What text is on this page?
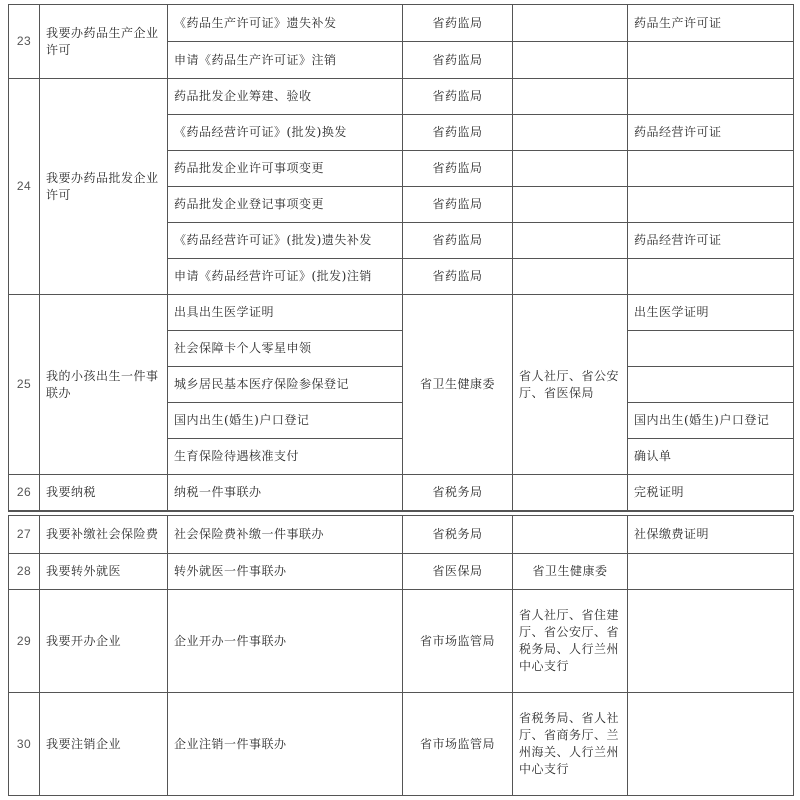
23	我要办药品生产企业许可	《药品生产许可证》遗失补发	省药监局		药品生产许可证
		申请《药品生产许可证》注销	省药监局		
24	我要办药品批发企业许可	药品批发企业筹建、验收	省药监局		
		《药品经营许可证》(批发)换发	省药监局		药品经营许可证
		药品批发企业许可事项变更	省药监局		
		药品批发企业登记事项变更	省药监局		
		《药品经营许可证》(批发)遗失补发	省药监局		药品经营许可证
		申请《药品经营许可证》(批发)注销	省药监局		
25	我的小孩出生一件事联办	出具出生医学证明	省卫生健康委	省人社厅、省公安厅、省医保局	出生医学证明
		社会保障卡个人零星申领			
		城乡居民基本医疗保险参保登记			
		国内出生(婚生)户口登记			国内出生(婚生)户口登记
		生育保险待遇核准支付			确认单
26	我要纳税	纳税一件事联办	省税务局		完税证明
27	我要补缴社会保险费	社会保险费补缴一件事联办	省税务局		社保缴费证明
28	我要转外就医	转外就医一件事联办	省医保局	省卫生健康委	
29	我要开办企业	企业开办一件事联办	省市场监管局	省人社厅、省住建厅、省公安厅、省税务局、人行兰州中心支行	
30	我要注销企业	企业注销一件事联办	省市场监管局	省税务局、省人社厅、省商务厅、兰州海关、人行兰州中心支行	
